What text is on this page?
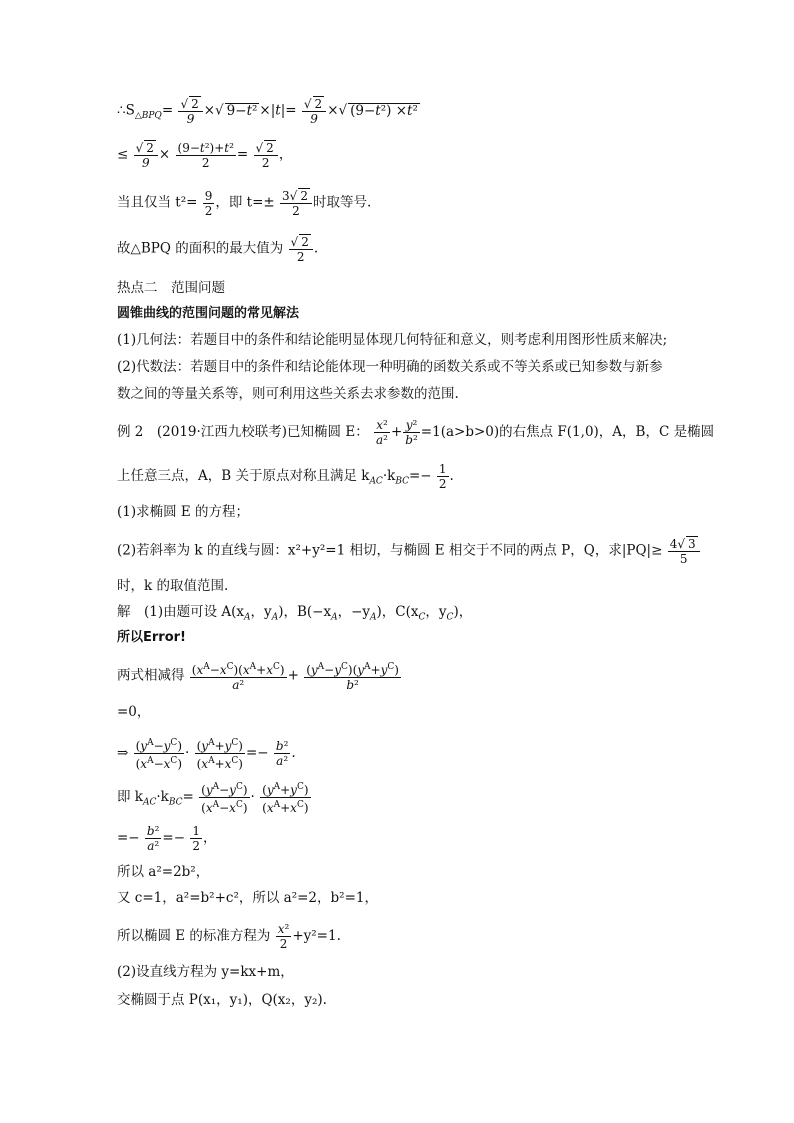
$\therefore S_{\triangle BPQ}= \frac{√ 2}{9}$ ×√ $9-t^2 \times|t|= \frac{√ 2}{9}$ ×√ (9−t²) ×t²
≤ $\frac{√ 2}{9} \times \frac{\text{(9−t²)+t²}}{2} = \frac{√ 2}{2}$ ，
当且仅当 $t^2= \frac{9}{2}$ ，即 $t=\pm \frac{3√ 2}{2}$ 时取等号.
故△BPQ 的面积的最大值为 $\frac{√ 2}{2}$ .
热点二　范围问题
圆锥曲线的范围问题的常见解法
(1)几何法：若题目中的条件和结论能明显体现几何特征和意义，则考虑利用图形性质来解决;
(2)代数法：若题目中的条件和结论能体现一种明确的函数关系或不等关系或已知参数与新参
数之间的等量关系等，则可利用这些关系去求参数的范围.
例 2　(2019·江西九校联考)已知椭圆 E： $\frac{\text{x²}}{\text{a²}} + \frac{\text{y²}}{\text{b²}} =1(a>b>0)$的右焦点 F(1,0)，A，B，C 是椭圆
上任意三点，A，B 关于原点对称且满足 $k_{AC}\cdot k_{BC}=- \frac{1}{2}$ .
(1)求椭圆 E 的方程；
(2)若斜率为 k 的直线与圆：x²+y²=1 相切，与椭圆 E 相交于不同的两点 P，Q，求$|PQ|\ge \frac{4√ 3}{5}$
时，k 的取值范围.
解　(1)由题可设 $A(x_A$，$y_A$)，$B(-x_A$，$-y_A$)，$C(x_C$，$y_C$)，
所以Error!
两式相减得 $\frac{(x^A-x^C)(x^A+x^C)}{\text{a²}} + \frac{(y^A-y^C)(y^A+y^C)}{\text{b²}}$
=0，
⇒ $\frac{(y^A-y^C)}{(x^A-x^C)} \cdot \frac{(y^A+y^C)}{(x^A+x^C)} =- \frac{\text{b²}}{\text{a²}}$ .
即 $k_{AC}\cdot k_{BC}= \frac{(y^A-y^C)}{(x^A-x^C)} \cdot \frac{(y^A+y^C)}{(x^A+x^C)}$
=− $\frac{\text{b²}}{\text{a²}} =- \frac{1}{2}$ ，
所以 a²=2b²，
又 c=1，a²=b²+c²，所以 a²=2，b²=1，
所以椭圆 E 的标准方程为 $\frac{\text{x²}}{2} +y^2=1$.
(2)设直线方程为 y=kx+m，
交椭圆于点 P(x₁，y₁)，Q(x₂，y₂).
